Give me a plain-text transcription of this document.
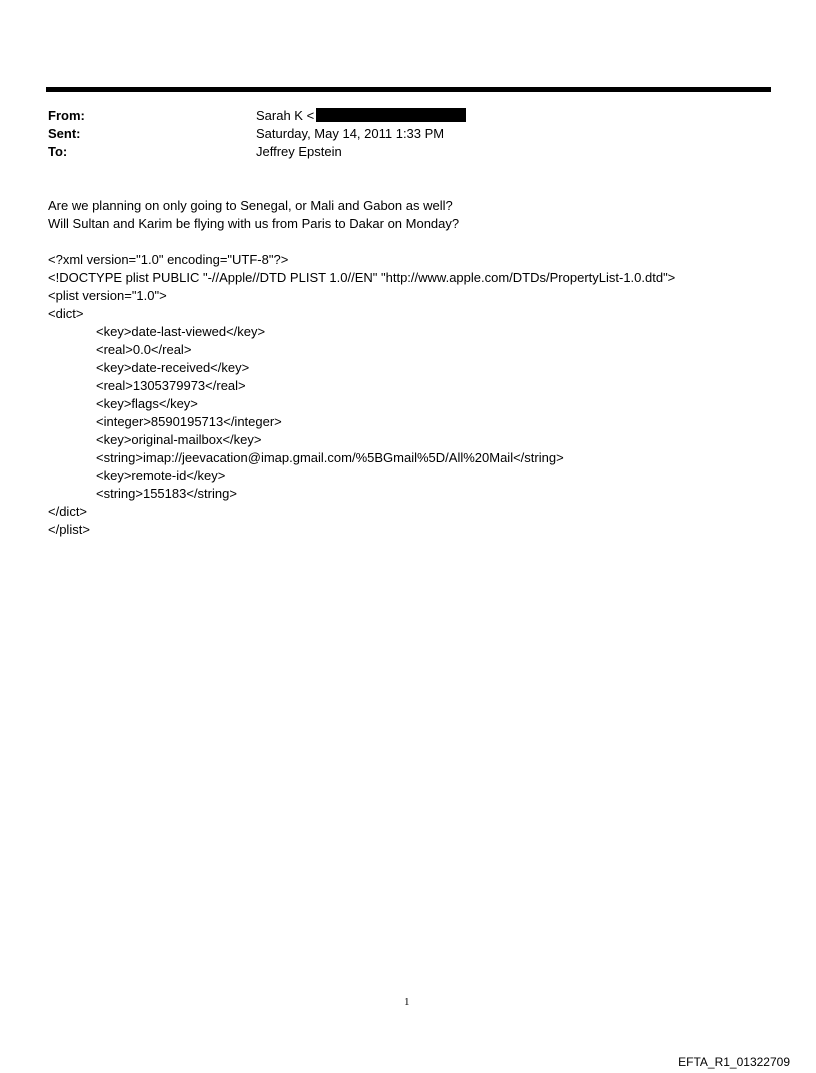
From:	Sarah K <
Sent:	Saturday, May 14, 2011 1:33 PM
To:	Jeffrey Epstein
Are we planning on only going to Senegal, or Mali and Gabon as well?
Will Sultan and Karim be flying with us from Paris to Dakar on Monday?
<?xml version="1.0" encoding="UTF-8"?>
<!DOCTYPE plist PUBLIC "-//Apple//DTD PLIST 1.0//EN" "http://www.apple.com/DTDs/PropertyList-1.0.dtd">
<plist version="1.0">
<dict>
<key>date-last-viewed</key>
<real>0.0</real>
<key>date-received</key>
<real>1305379973</real>
<key>flags</key>
<integer>8590195713</integer>
<key>original-mailbox</key>
<string>imap://jeevacation@imap.gmail.com/%5BGmail%5D/All%20Mail</string>
<key>remote-id</key>
<string>155183</string>
</dict>
</plist>
1
EFTA_R1_01322709
